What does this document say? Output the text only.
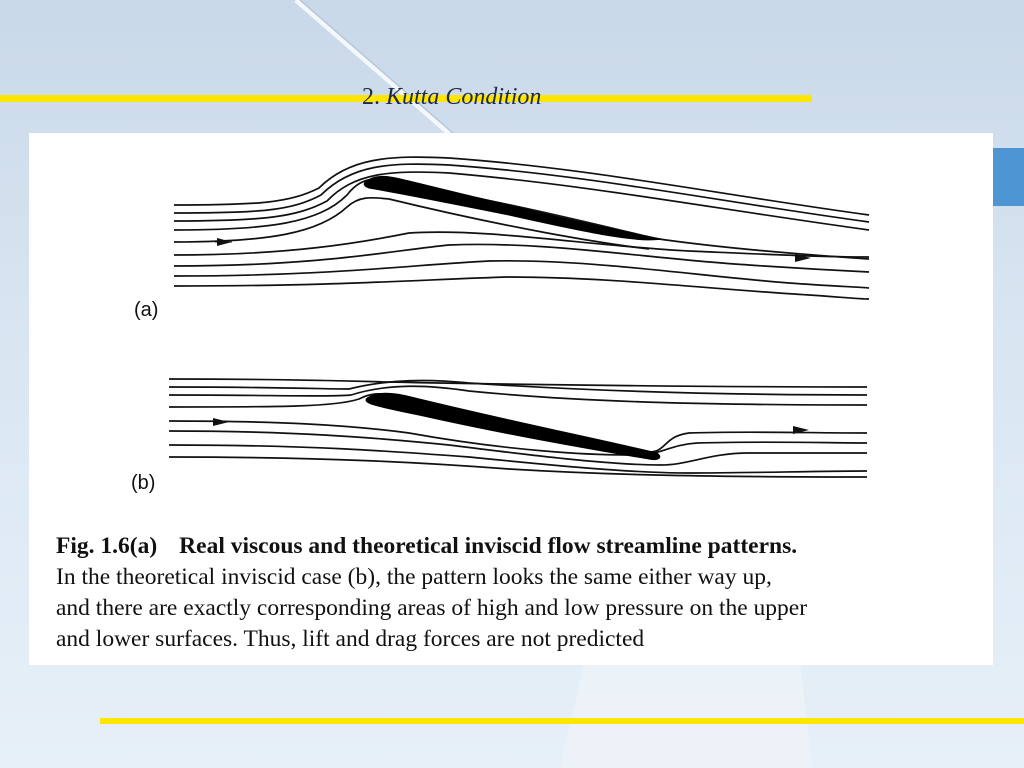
2. Kutta Condition
(a)
(b)

Fig. 1.6(a) Real viscous and theoretical inviscid flow streamline patterns.

In the theoretical inviscid case (b), the pattern looks the same either way up,

and there are exactly corresponding areas of high and low pressure on the upper

and lower surfaces. Thus, lift and drag forces are not predicted
